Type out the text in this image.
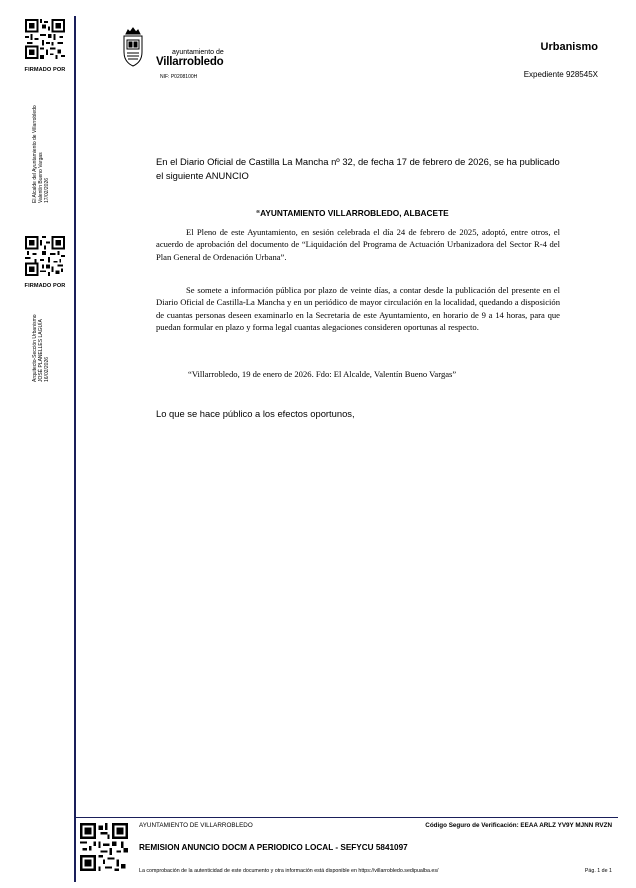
FIRMADO POR
El Alcalde del Ayuntamiento de Villarrobledo Valentín Bueno Vargas 17/02/2026
FIRMADO POR
Arquitecto-Sección Urbanismo JOSÉ PLANELLES LAGUÍA 16/02/2026
ayuntamiento de
Villarrobledo
NIF: P0208100H
Urbanismo
Expediente 928545X
En el Diario Oficial de Castilla La Mancha nº 32, de fecha 17 de febrero de 2026, se ha publicado el siguiente ANUNCIO
“AYUNTAMIENTO VILLARROBLEDO, ALBACETE
El Pleno de este Ayuntamiento, en sesión celebrada el día 24 de febrero de 2025, adoptó, entre otros, el acuerdo de aprobación del documento de “Liquidación del Programa de Actuación Urbanizadora del Sector R-4 del Plan General de Ordenación Urbana”.
Se somete a información pública por plazo de veinte días, a contar desde la publicación del presente en el Diario Oficial de Castilla-La Mancha y en un periódico de mayor circulación en la localidad, quedando a disposición de cuantas personas deseen examinarlo en la Secretaria de este Ayuntamiento, en horario de 9 a 14 horas, para que puedan formular en plazo y forma legal cuantas alegaciones consideren oportunas al respecto.
“Villarrobledo, 19 de enero de 2026. Fdo: El Alcalde, Valentín Bueno Vargas”
Lo que se hace público a los efectos oportunos,
AYUNTAMIENTO DE VILLARROBLEDO	Código Seguro de Verificación: EEAA ARLZ YV9Y MJNN RVZN
REMISION ANUNCIO DOCM A PERIODICO LOCAL - SEFYCU 5841097
La comprobación de la autenticidad de este documento y otra información está disponible en https://villarrobledo.sedipualba.es/	Pág. 1 de 1
